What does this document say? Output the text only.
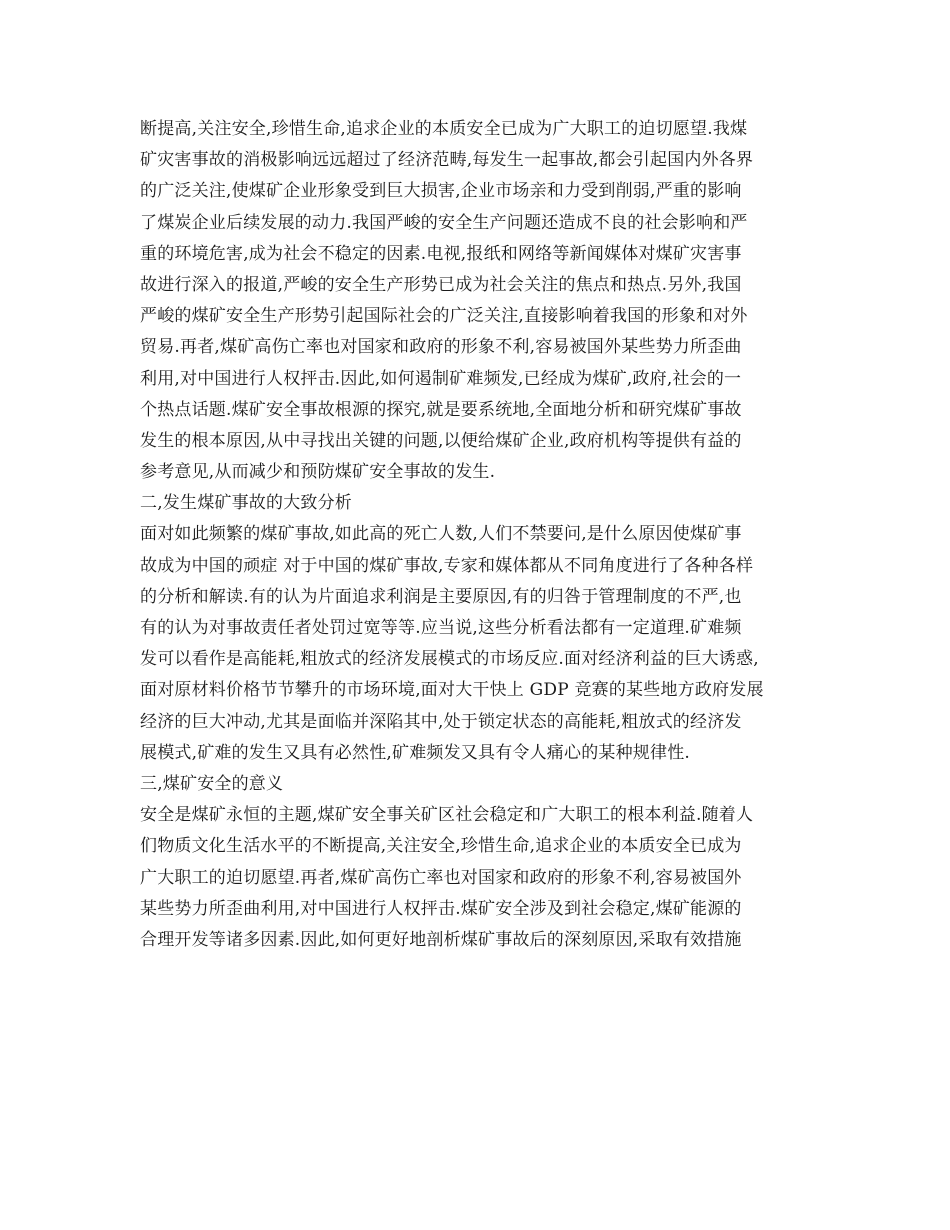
断提高,关注安全,珍惜生命,追求企业的本质安全已成为广大职工的迫切愿望.我煤
矿灾害事故的消极影响远远超过了经济范畴,每发生一起事故,都会引起国内外各界
的广泛关注,使煤矿企业形象受到巨大损害,企业市场亲和力受到削弱,严重的影响
了煤炭企业后续发展的动力.我国严峻的安全生产问题还造成不良的社会影响和严
重的环境危害,成为社会不稳定的因素.电视,报纸和网络等新闻媒体对煤矿灾害事
故进行深入的报道,严峻的安全生产形势已成为社会关注的焦点和热点.另外,我国
严峻的煤矿安全生产形势引起国际社会的广泛关注,直接影响着我国的形象和对外
贸易.再者,煤矿高伤亡率也对国家和政府的形象不利,容易被国外某些势力所歪曲
利用,对中国进行人权抨击.因此,如何遏制矿难频发,已经成为煤矿,政府,社会的一
个热点话题.煤矿安全事故根源的探究,就是要系统地,全面地分析和研究煤矿事故
发生的根本原因,从中寻找出关键的问题,以便给煤矿企业,政府机构等提供有益的
参考意见,从而减少和预防煤矿安全事故的发生.
二,发生煤矿事故的大致分析
面对如此频繁的煤矿事故,如此高的死亡人数,人们不禁要问,是什么原因使煤矿事
故成为中国的顽症 对于中国的煤矿事故,专家和媒体都从不同角度进行了各种各样
的分析和解读.有的认为片面追求利润是主要原因,有的归咎于管理制度的不严,也
有的认为对事故责任者处罚过宽等等.应当说,这些分析看法都有一定道理.矿难频
发可以看作是高能耗,粗放式的经济发展模式的市场反应.面对经济利益的巨大诱惑,
面对原材料价格节节攀升的市场环境,面对大干快上 GDP 竞赛的某些地方政府发展
经济的巨大冲动,尤其是面临并深陷其中,处于锁定状态的高能耗,粗放式的经济发
展模式,矿难的发生又具有必然性,矿难频发又具有令人痛心的某种规律性.
三,煤矿安全的意义
安全是煤矿永恒的主题,煤矿安全事关矿区社会稳定和广大职工的根本利益.随着人
们物质文化生活水平的不断提高,关注安全,珍惜生命,追求企业的本质安全已成为
广大职工的迫切愿望.再者,煤矿高伤亡率也对国家和政府的形象不利,容易被国外
某些势力所歪曲利用,对中国进行人权抨击.煤矿安全涉及到社会稳定,煤矿能源的
合理开发等诸多因素.因此,如何更好地剖析煤矿事故后的深刻原因,采取有效措施
